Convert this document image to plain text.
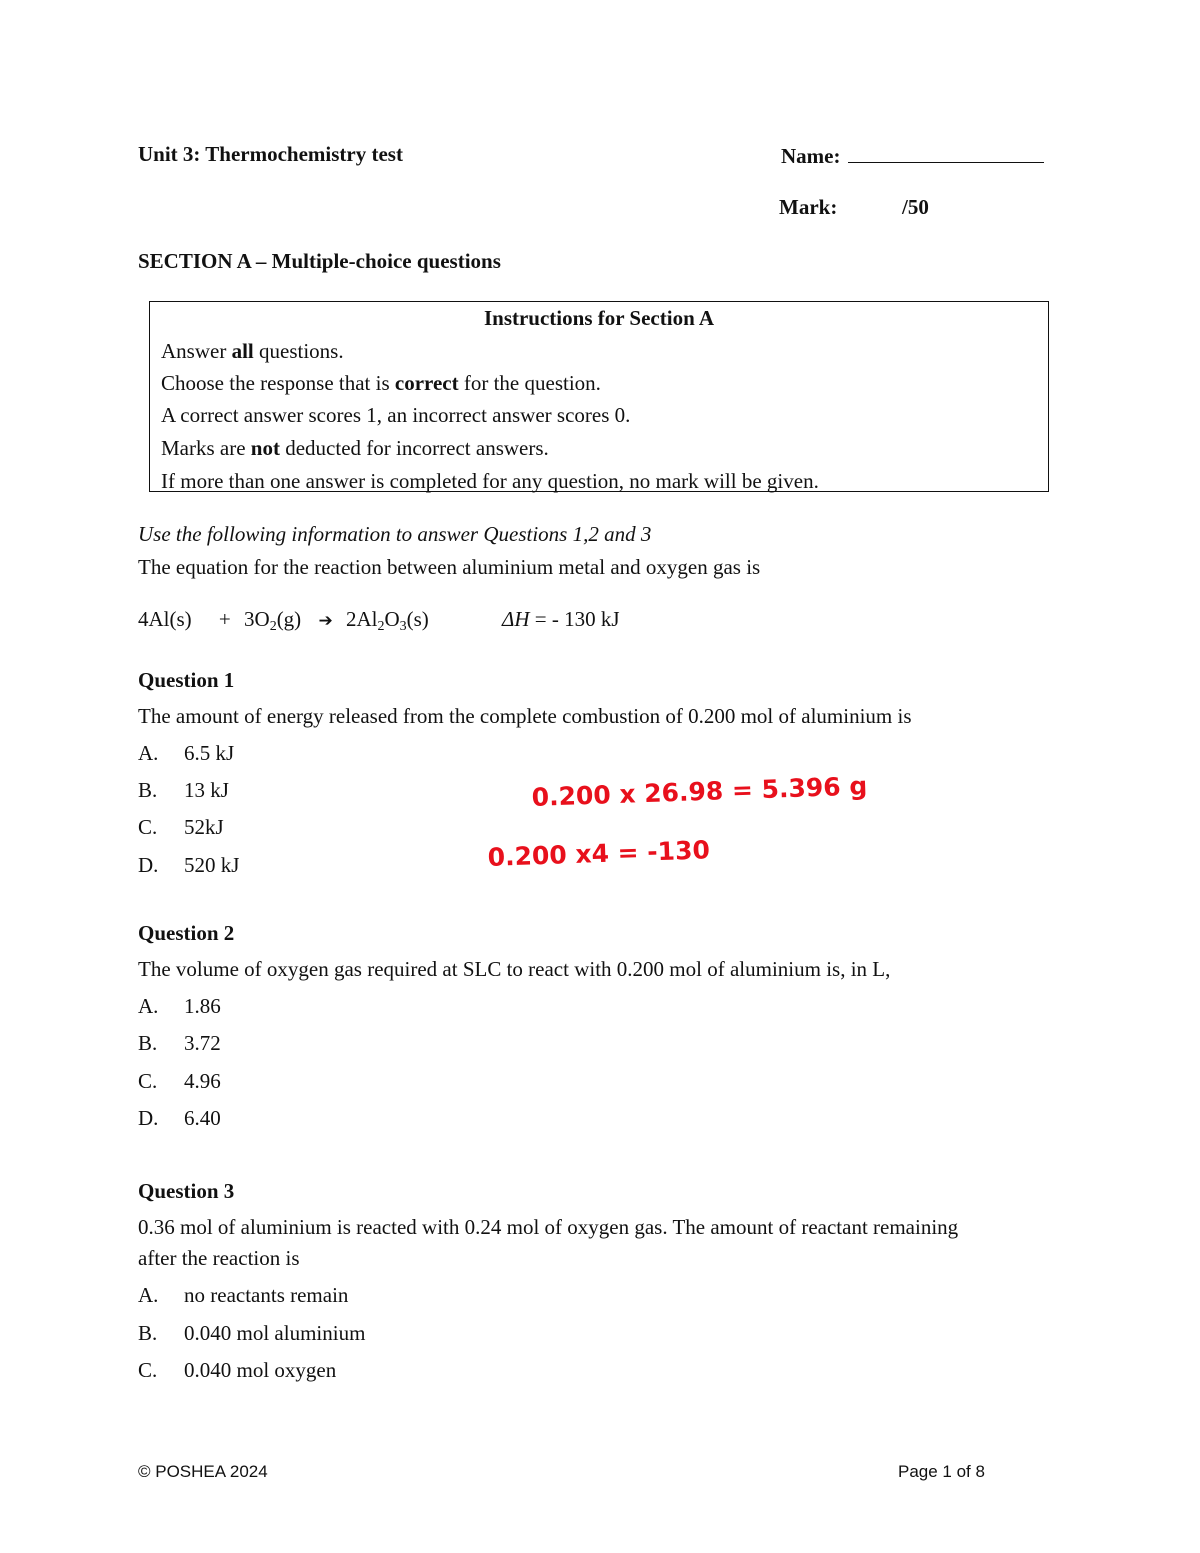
Unit 3: Thermochemistry test	Name:
Mark:	/50
SECTION A – Multiple-choice questions
Instructions for Section A
Answer all questions.
Choose the response that is correct for the question.
A correct answer scores 1, an incorrect answer scores 0.
Marks are not deducted for incorrect answers.
If more than one answer is completed for any question, no mark will be given.
Use the following information to answer Questions 1,2 and 3
The equation for the reaction between aluminium metal and oxygen gas is
$4Al(s) + 3O_2(g)$ ➔ $2Al_2O_3(s)$	ΔH = - 130 kJ
Question 1
The amount of energy released from the complete combustion of 0.200 mol of aluminium is
A. 6.5 kJ
B. 13 kJ
C. 52kJ
D. 520 kJ
0.200 x 26.98 = 5.396 g
0.200 x4 = -130
Question 2
The volume of oxygen gas required at SLC to react with 0.200 mol of aluminium is, in L,
A. 1.86
B. 3.72
C. 4.96
D. 6.40
Question 3
0.36 mol of aluminium is reacted with 0.24 mol of oxygen gas. The amount of reactant remaining
after the reaction is
A. no reactants remain
B. 0.040 mol aluminium
C. 0.040 mol oxygen
© POSHEA 2024	Page 1 of 8
